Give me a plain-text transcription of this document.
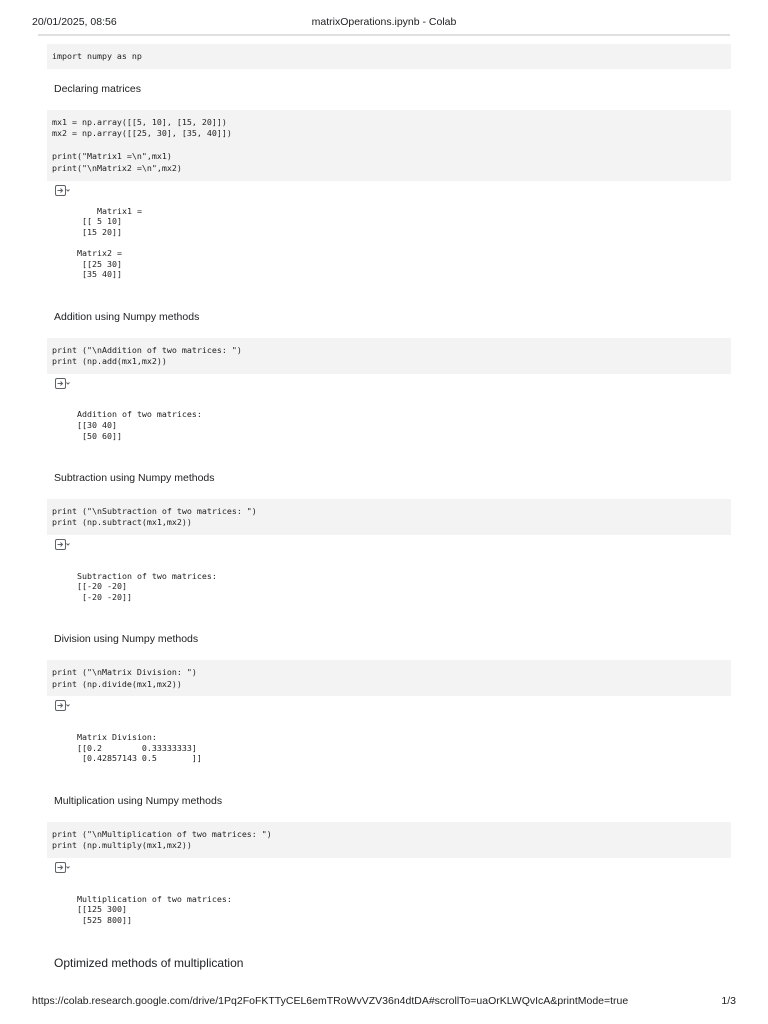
20/01/2025, 08:56	matrixOperations.ipynb - Colab
import numpy as np
Declaring matrices
mx1 = np.array([[5, 10], [15, 20]])
mx2 = np.array([[25, 30], [35, 40]])

print("Matrix1 =\n",mx1)
print("\nMatrix2 =\n",mx2)

Matrix1 =
[[ 5 10]
[15 20]]

Matrix2 =
[[25 30]
[35 40]]

Addition using Numpy methods
print ("\nAddition of two matrices: ")
print (np.add(mx1,mx2))

Addition of two matrices:
[[30 40]
[50 60]]

Subtraction using Numpy methods
print ("\nSubtraction of two matrices: ")
print (np.subtract(mx1,mx2))

Subtraction of two matrices:
[[-20 -20]
[-20 -20]]

Division using Numpy methods
print ("\nMatrix Division: ")
print (np.divide(mx1,mx2))

Matrix Division:
[[0.2        0.33333333]
[0.42857143 0.5       ]]

Multiplication using Numpy methods
print ("\nMultiplication of two matrices: ")
print (np.multiply(mx1,mx2))

Multiplication of two matrices:
[[125 300]
[525 800]]

Optimized methods of multiplication

https://colab.research.google.com/drive/1Pq2FoFKTTyCEL6emTRoWvVZV36n4dtDA#scrollTo=uaOrKLWQvIcA&printMode=true	1/3
